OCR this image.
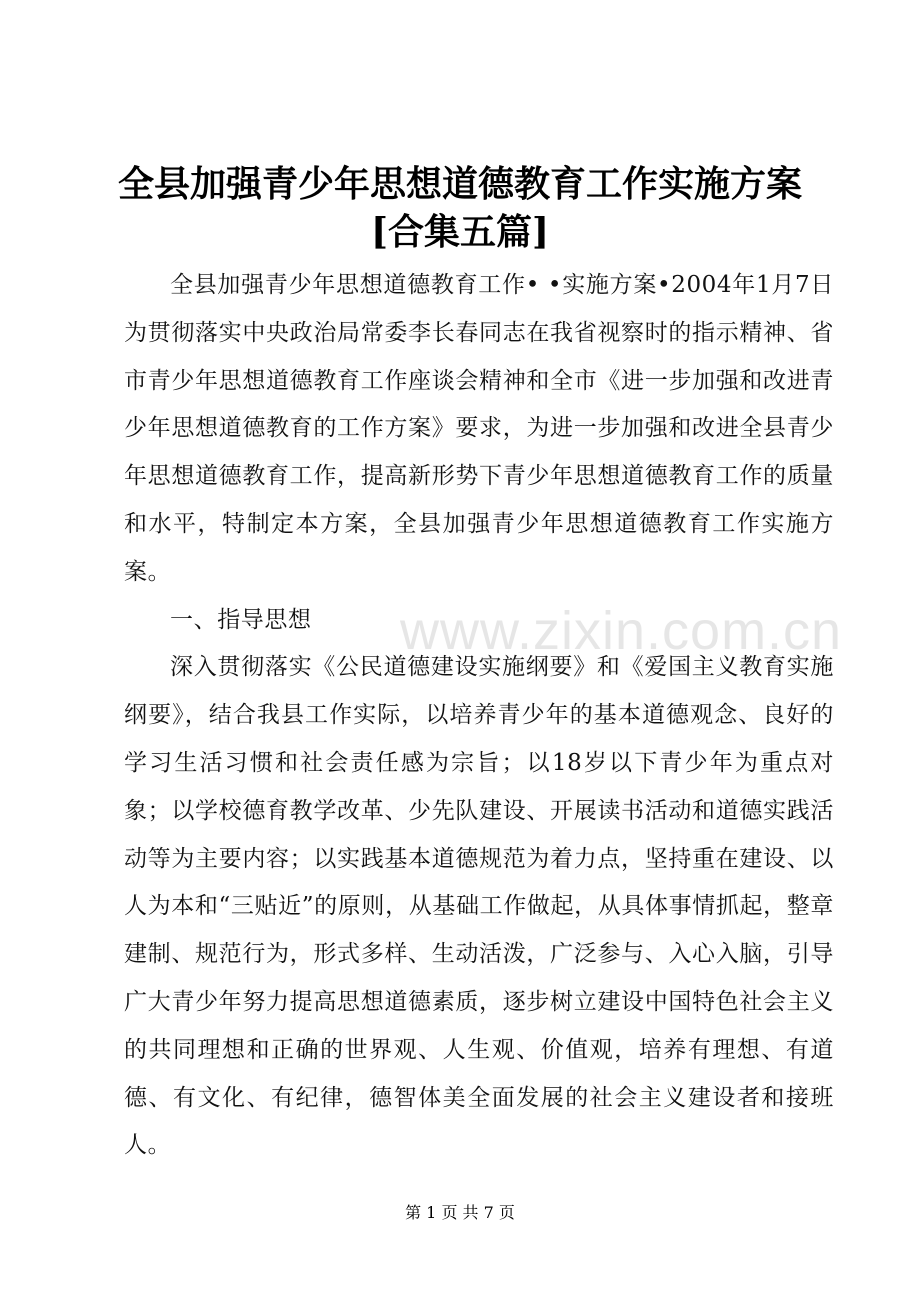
全县加强青少年思想道德教育工作实施方案
[合集五篇]

全县加强青少年思想道德教育工作• •实施方案•2004年1月7日为贯彻落实中央政治局常委李长春同志在我省视察时的指示精神、省市青少年思想道德教育工作座谈会精神和全市《进一步加强和改进青少年思想道德教育的工作方案》要求，为进一步加强和改进全县青少年思想道德教育工作，提高新形势下青少年思想道德教育工作的质量和水平，特制定本方案，全县加强青少年思想道德教育工作实施方案。

一、指导思想

深入贯彻落实《公民道德建设实施纲要》和《爱国主义教育实施纲要》，结合我县工作实际，以培养青少年的基本道德观念、良好的学习生活习惯和社会责任感为宗旨；以18岁以下青少年为重点对象；以学校德育教学改革、少先队建设、开展读书活动和道德实践活动等为主要内容；以实践基本道德规范为着力点，坚持重在建设、以人为本和“三贴近”的原则，从基础工作做起，从具体事情抓起，整章建制、规范行为，形式多样、生动活泼，广泛参与、入心入脑，引导广大青少年努力提高思想道德素质，逐步树立建设中国特色社会主义的共同理想和正确的世界观、人生观、价值观，培养有理想、有道德、有文化、有纪律，德智体美全面发展的社会主义建设者和接班人。

www.zixin.com.cn
第 1 页 共 7 页
